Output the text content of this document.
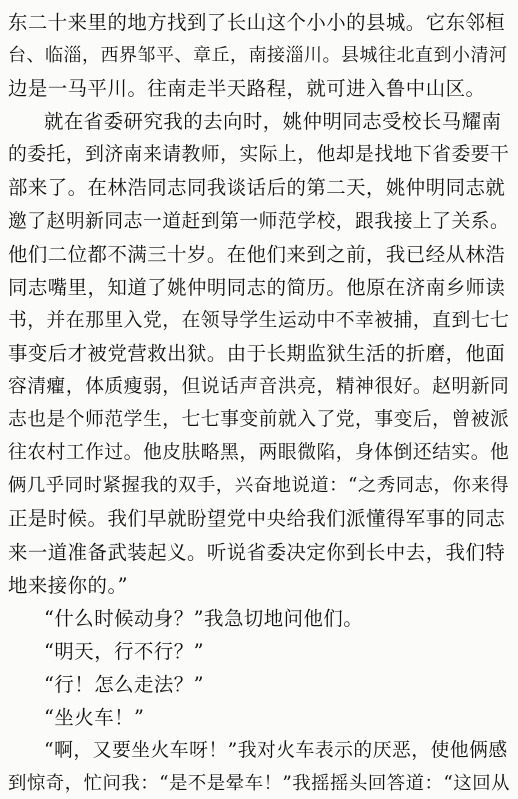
东二十来里的地方找到了长山这个小小的县城。它东邻桓
台、临淄，西界邹平、章丘，南接淄川。县城往北直到小清河
边是一马平川。往南走半天路程，就可进入鲁中山区。
就在省委研究我的去向时，姚仲明同志受校长马耀南
的委托，到济南来请教师，实际上，他却是找地下省委要干
部来了。在林浩同志同我谈话后的第二天，姚仲明同志就
邀了赵明新同志一道赶到第一师范学校，跟我接上了关系。
他们二位都不满三十岁。在他们来到之前，我已经从林浩
同志嘴里，知道了姚仲明同志的简历。他原在济南乡师读
书，并在那里入党，在领导学生运动中不幸被捕，直到七七
事变后才被党营救出狱。由于长期监狱生活的折磨，他面
容清癯，体质瘦弱，但说话声音洪亮，精神很好。赵明新同
志也是个师范学生，七七事变前就入了党，事变后，曾被派
往农村工作过。他皮肤略黑，两眼微陷，身体倒还结实。他
俩几乎同时紧握我的双手，兴奋地说道：“之秀同志，你来得
正是时候。我们早就盼望党中央给我们派懂得军事的同志
来一道准备武装起义。听说省委决定你到长中去，我们特
地来接你的。”
“什么时候动身？”我急切地问他们。
“明天，行不行？”
“行！怎么走法？”
“坐火车！”
“啊，又要坐火车呀！”我对火车表示的厌恶，使他俩感
到惊奇，忙问我：“是不是晕车！”我摇摇头回答道：“这回从
